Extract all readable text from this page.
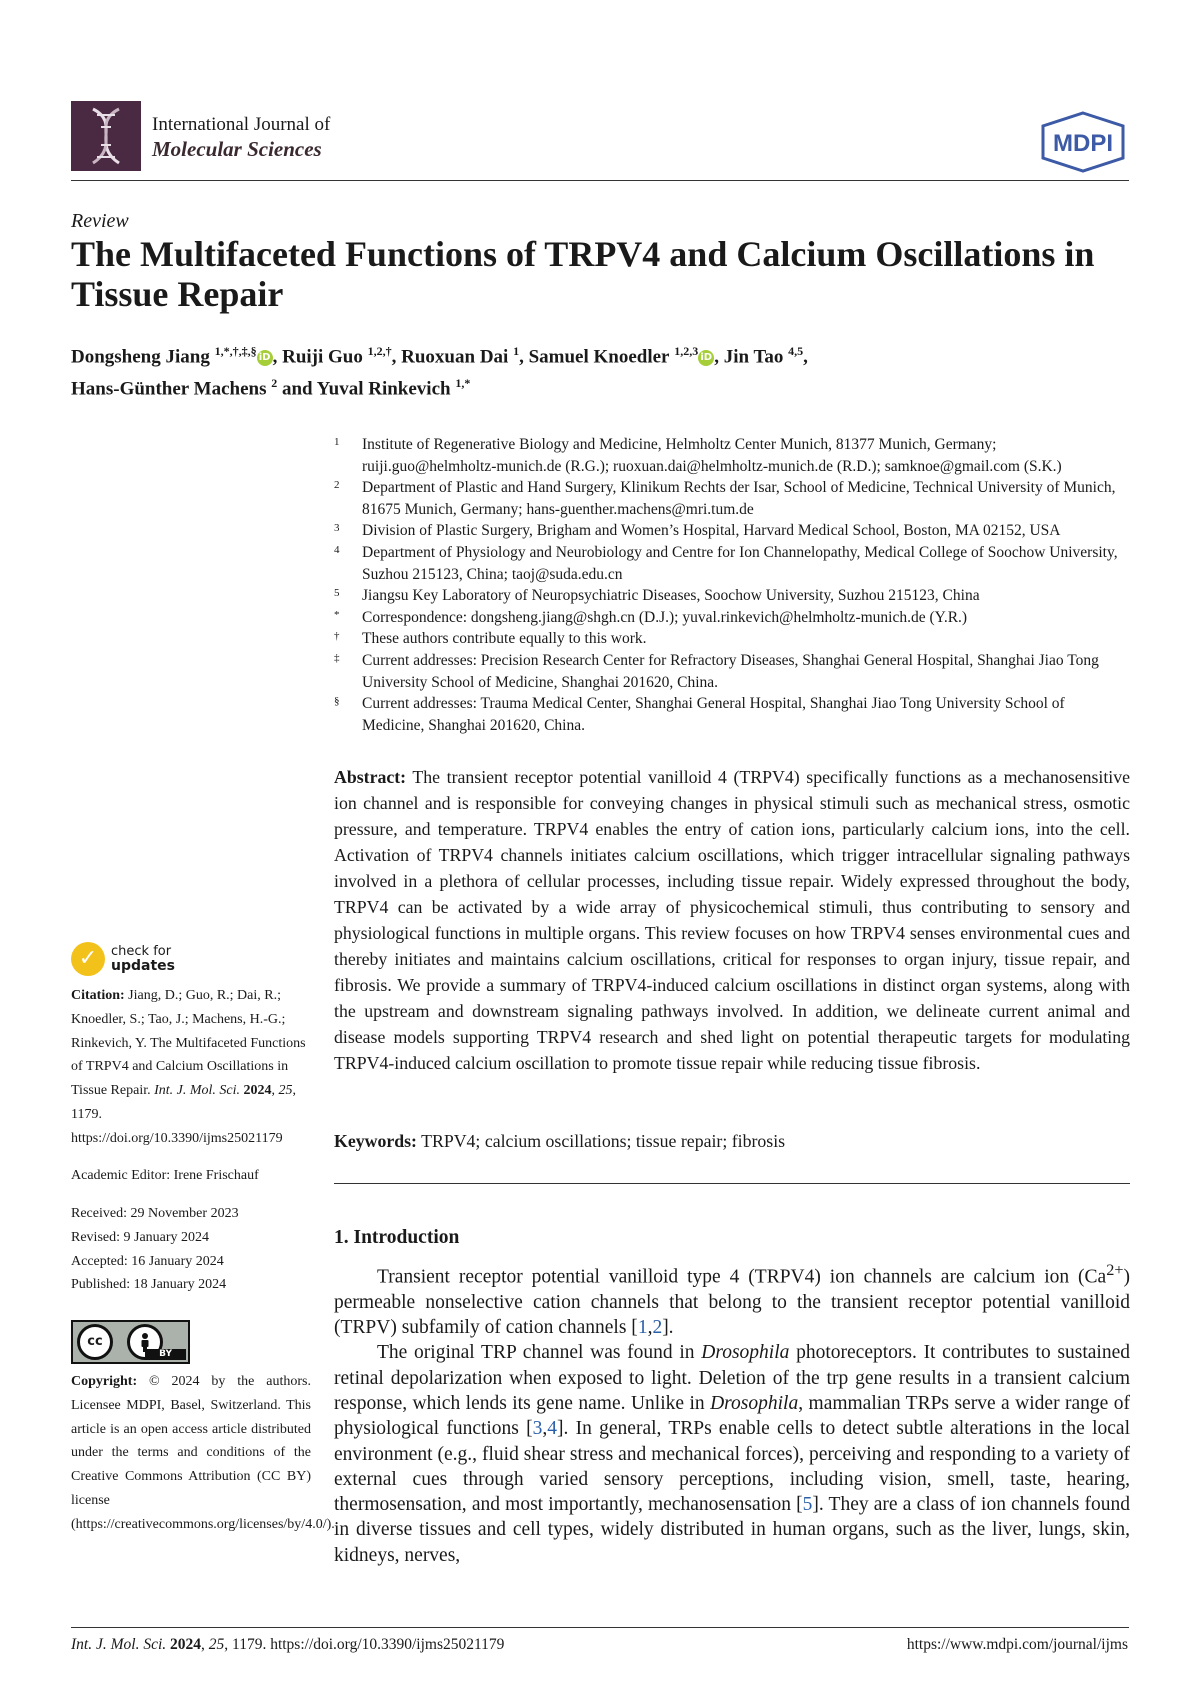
International Journal of
Molecular Sciences	MDPI
Review
The Multifaceted Functions of TRPV4 and Calcium Oscillations in Tissue Repair
Dongsheng Jiang $^{1,*,\dagger,\ddagger,\S}$ iD , Ruiji Guo $^{1,2,\dagger}$, Ruoxuan Dai $^1$, Samuel Knoedler $^{1,2,3}$ iD , Jin Tao $^{4,5}$,
Hans-Günther Machens $^2$ and Yuval Rinkevich $^{1,*}$
1	Institute of Regenerative Biology and Medicine, Helmholtz Center Munich, 81377 Munich, Germany; ruiji.guo@helmholtz-munich.de (R.G.); ruoxuan.dai@helmholtz-munich.de (R.D.); samknoe@gmail.com (S.K.)
2	Department of Plastic and Hand Surgery, Klinikum Rechts der Isar, School of Medicine, Technical University of Munich, 81675 Munich, Germany; hans-guenther.machens@mri.tum.de
3	Division of Plastic Surgery, Brigham and Women’s Hospital, Harvard Medical School, Boston, MA 02152, USA
4	Department of Physiology and Neurobiology and Centre for Ion Channelopathy, Medical College of Soochow University, Suzhou 215123, China; taoj@suda.edu.cn
5	Jiangsu Key Laboratory of Neuropsychiatric Diseases, Soochow University, Suzhou 215123, China
*	Correspondence: dongsheng.jiang@shgh.cn (D.J.); yuval.rinkevich@helmholtz-munich.de (Y.R.)
†	These authors contribute equally to this work.
‡	Current addresses: Precision Research Center for Refractory Diseases, Shanghai General Hospital, Shanghai Jiao Tong University School of Medicine, Shanghai 201620, China.
§	Current addresses: Trauma Medical Center, Shanghai General Hospital, Shanghai Jiao Tong University School of Medicine, Shanghai 201620, China.

Abstract: The transient receptor potential vanilloid 4 (TRPV4) specifically functions as a mechanosensitive ion channel and is responsible for conveying changes in physical stimuli such as mechanical stress, osmotic pressure, and temperature. TRPV4 enables the entry of cation ions, particularly calcium ions, into the cell. Activation of TRPV4 channels initiates calcium oscillations, which trigger intracellular signaling pathways involved in a plethora of cellular processes, including tissue repair. Widely expressed throughout the body, TRPV4 can be activated by a wide array of physicochemical stimuli, thus contributing to sensory and physiological functions in multiple organs. This review focuses on how TRPV4 senses environmental cues and thereby initiates and maintains calcium oscillations, critical for responses to organ injury, tissue repair, and fibrosis. We provide a summary of TRPV4-induced calcium oscillations in distinct organ systems, along with the upstream and downstream signaling pathways involved. In addition, we delineate current animal and disease models supporting TRPV4 research and shed light on potential therapeutic targets for modulating TRPV4-induced calcium oscillation to promote tissue repair while reducing tissue fibrosis.

Keywords: TRPV4; calcium oscillations; tissue repair; fibrosis

1. Introduction

Transient receptor potential vanilloid type 4 (TRPV4) ion channels are calcium ion $(Ca^{2+})$ permeable nonselective cation channels that belong to the transient receptor potential vanilloid (TRPV) subfamily of cation channels [1,2].

The original TRP channel was found in Drosophila photoreceptors. It contributes to sustained retinal depolarization when exposed to light. Deletion of the trp gene results in a transient calcium response, which lends its gene name. Unlike in Drosophila, mammalian TRPs serve a wider range of physiological functions [3,4]. In general, TRPs enable cells to detect subtle alterations in the local environment (e.g., fluid shear stress and mechanical forces), perceiving and responding to a variety of external cues through varied sensory perceptions, including vision, smell, taste, hearing, thermosensation, and most importantly, mechanosensation [5]. They are a class of ion channels found in diverse tissues and cell types, widely distributed in human organs, such as the liver, lungs, skin, kidneys, nerves,

✓	check for
updates
Citation: Jiang, D.; Guo, R.; Dai, R.; Knoedler, S.; Tao, J.; Machens, H.-G.; Rinkevich, Y. The Multifaceted Functions of TRPV4 and Calcium Oscillations in Tissue Repair. Int. J. Mol. Sci. 2024, 25, 1179. https://doi.org/10.3390/ijms25021179
Academic Editor: Irene Frischauf
Received: 29 November 2023
Revised: 9 January 2024
Accepted: 16 January 2024
Published: 18 January 2024
cc
BY
Copyright: © 2024 by the authors. Licensee MDPI, Basel, Switzerland. This article is an open access article distributed under the terms and conditions of the Creative Commons Attribution (CC BY) license (https://creativecommons.org/licenses/by/4.0/).
Int. J. Mol. Sci. 2024, 25, 1179. https://doi.org/10.3390/ijms25021179	https://www.mdpi.com/journal/ijms
